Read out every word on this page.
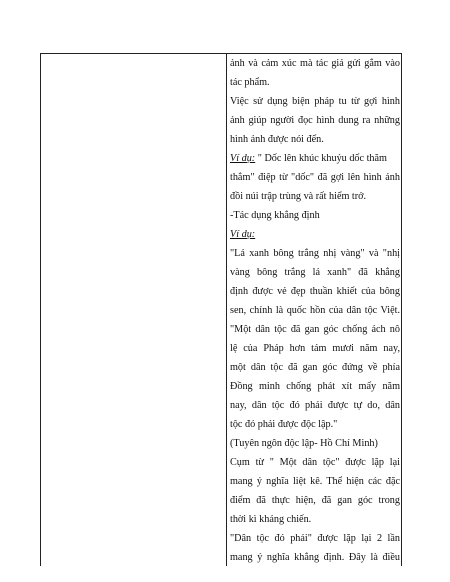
ảnh và cảm xúc mà tác giả gửi gắm vào
tác phẩm.
Việc sử dụng biện pháp tu từ gợi hình
ảnh giúp người đọc hình dung ra những
hình ảnh được nói đến.
Ví dụ: " Dốc lên khúc khuỷu dốc thăm
thẳm" điệp từ "dốc" đã gợi lên hình ảnh
đồi núi trập trùng và rất hiểm trở.
-Tác dụng khẳng định
Ví dụ:
"Lá xanh bông trắng nhị vàng" và "nhị
vàng bông trắng lá xanh" đã khẳng
định được vẻ đẹp thuần khiết của bông
sen, chính là quốc hồn của dân tộc Việt.
"Một dân tộc đã gan góc chống ách nô
lệ của Pháp hơn tám mươi năm nay,
một dân tộc đã gan góc đứng về phía
Đồng minh chống phát xít mấy năm
nay, dân tộc đó phải được tự do, dân
tộc đó phải được độc lập."
(Tuyên ngôn độc lập- Hồ Chí Minh)
Cụm từ " Một dân tộc" được lặp lại
mang ý nghĩa liệt kê. Thể hiện các đặc
điểm đã thực hiện, đã gan góc trong
thời kì kháng chiến.
"Dân tộc đó phải" được lặp lại 2 lần
mang ý nghĩa khẳng định. Đây là điều
